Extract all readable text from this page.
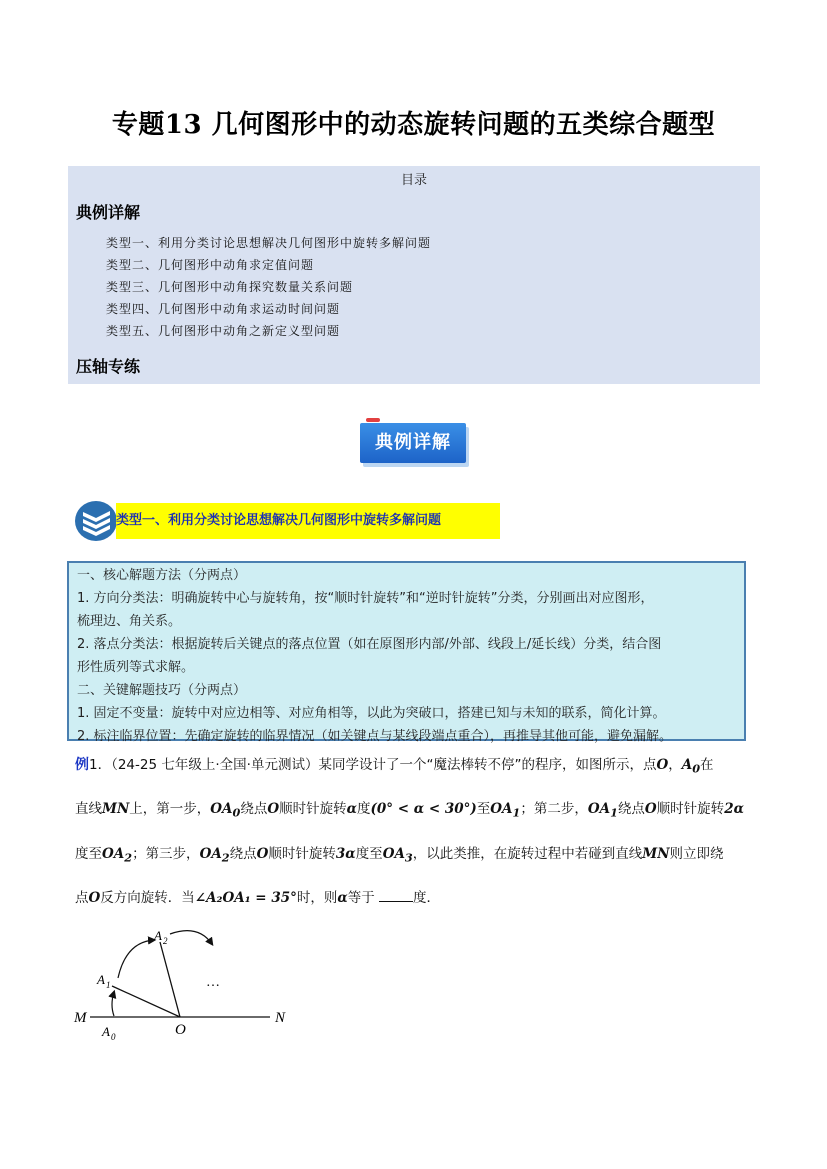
专题13 几何图形中的动态旋转问题的五类综合题型
目录
典例详解
类型一、利用分类讨论思想解决几何图形中旋转多解问题
类型二、几何图形中动角求定值问题
类型三、几何图形中动角探究数量关系问题
类型四、几何图形中动角求运动时间问题
类型五、几何图形中动角之新定义型问题
压轴专练
典例详解
类型一、利用分类讨论思想解决几何图形中旋转多解问题
一、核心解题方法（分两点）
1. 方向分类法：明确旋转中心与旋转角，按“顺时针旋转”和“逆时针旋转”分类，分别画出对应图形，
梳理边、角关系。
2. 落点分类法：根据旋转后关键点的落点位置（如在原图形内部/外部、线段上/延长线）分类，结合图
形性质列等式求解。
二、关键解题技巧（分两点）
1. 固定不变量：旋转中对应边相等、对应角相等，以此为突破口，搭建已知与未知的联系，简化计算。
2. 标注临界位置：先确定旋转的临界情况（如关键点与某线段端点重合），再推导其他可能，避免漏解。
例1．（24-25 七年级上·全国·单元测试）某同学设计了一个“魔法棒转不停”的程序，如图所示，点O，$A_0$在
直线MN上，第一步，$OA_0$绕点O顺时针旋转α度(0° < α < 30°)至$OA_1$；第二步，$OA_1$绕点O顺时针旋转2α
度至$OA_2$；第三步，$OA_2$绕点O顺时针旋转3α度至$OA_3$，以此类推，在旋转过程中若碰到直线MN则立即绕
点O反方向旋转．当∠A₂OA₁ = 35°时，则α等于	度．
M	N
O
A 0
A 1
A 2
…
